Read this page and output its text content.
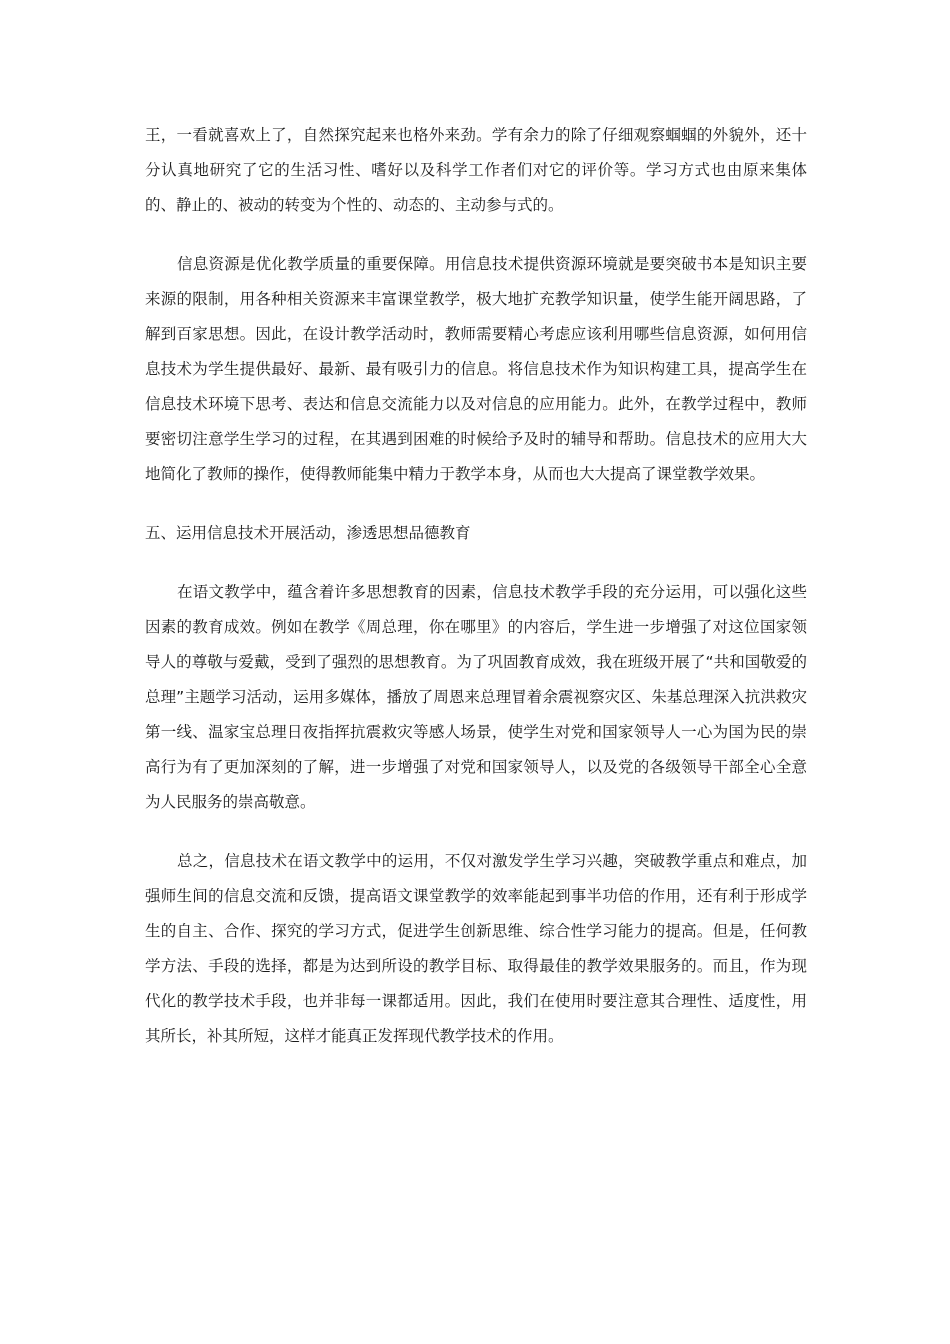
王，一看就喜欢上了，自然探究起来也格外来劲。学有余力的除了仔细观察蝈蝈的外貌外，还十分认真地研究了它的生活习性、嗜好以及科学工作者们对它的评价等。学习方式也由原来集体的、静止的、被动的转变为个性的、动态的、主动参与式的。

信息资源是优化教学质量的重要保障。用信息技术提供资源环境就是要突破书本是知识主要来源的限制，用各种相关资源来丰富课堂教学，极大地扩充教学知识量，使学生能开阔思路，了解到百家思想。因此，在设计教学活动时，教师需要精心考虑应该利用哪些信息资源，如何用信息技术为学生提供最好、最新、最有吸引力的信息。将信息技术作为知识构建工具，提高学生在信息技术环境下思考、表达和信息交流能力以及对信息的应用能力。此外，在教学过程中，教师要密切注意学生学习的过程，在其遇到困难的时候给予及时的辅导和帮助。信息技术的应用大大地简化了教师的操作，使得教师能集中精力于教学本身，从而也大大提高了课堂教学效果。

五、运用信息技术开展活动，渗透思想品德教育

在语文教学中，蕴含着许多思想教育的因素，信息技术教学手段的充分运用，可以强化这些因素的教育成效。例如在教学《周总理，你在哪里》的内容后，学生进一步增强了对这位国家领导人的尊敬与爱戴，受到了强烈的思想教育。为了巩固教育成效，我在班级开展了“共和国敬爱的总理”主题学习活动，运用多媒体，播放了周恩来总理冒着余震视察灾区、朱基总理深入抗洪救灾第一线、温家宝总理日夜指挥抗震救灾等感人场景，使学生对党和国家领导人一心为国为民的崇高行为有了更加深刻的了解，进一步增强了对党和国家领导人，以及党的各级领导干部全心全意为人民服务的崇高敬意。

总之，信息技术在语文教学中的运用，不仅对激发学生学习兴趣，突破教学重点和难点，加强师生间的信息交流和反馈，提高语文课堂教学的效率能起到事半功倍的作用，还有利于形成学生的自主、合作、探究的学习方式，促进学生创新思维、综合性学习能力的提高。但是，任何教学方法、手段的选择，都是为达到所设的教学目标、取得最佳的教学效果服务的。而且，作为现代化的教学技术手段，也并非每一课都适用。因此，我们在使用时要注意其合理性、适度性，用其所长，补其所短，这样才能真正发挥现代教学技术的作用。
